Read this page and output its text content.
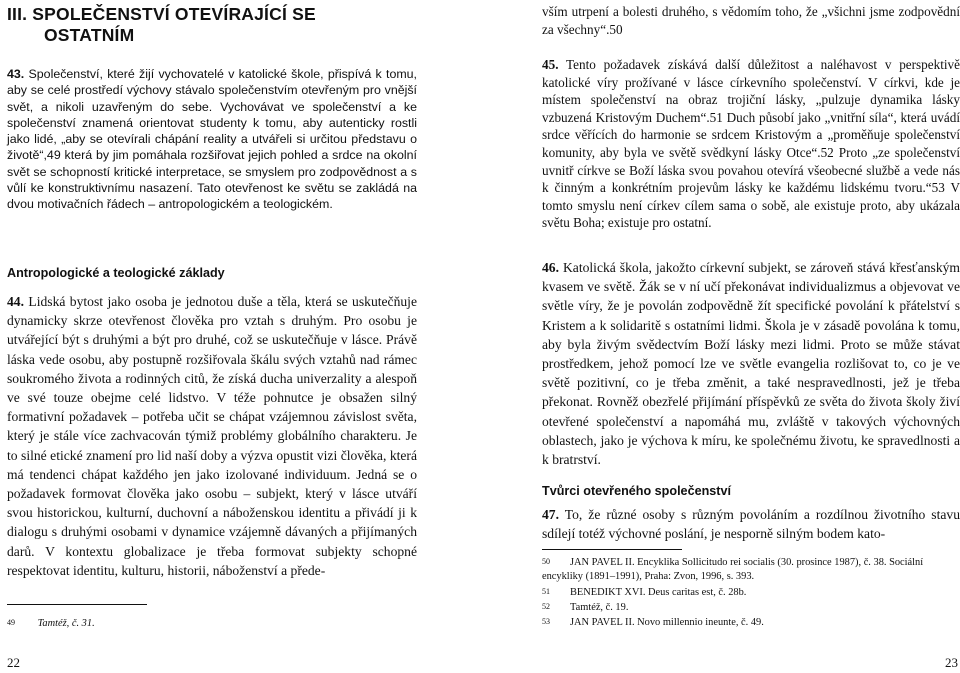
III. SPOLEČENSTVÍ OTEVÍRAJÍCÍ SE
OSTATNÍM

43. Společenství, které žijí vychovatelé v katolické škole, přispívá k tomu, aby se celé prostředí výchovy stávalo společenstvím otevřeným pro vnější svět, a nikoli uzavřeným do sebe. Vychovávat ve společenství a ke společenství znamená orientovat studenty k tomu, aby autenticky rostli jako lidé, „aby se otevírali chápání reality a utvářeli si určitou představu o životě“,49 která by jim pomáhala rozšiřovat jejich pohled a srdce na okolní svět se schopností kritické interpretace, se smyslem pro zodpovědnost a s vůlí ke konstruktivnímu nasazení. Tato otevřenost ke světu se zakládá na dvou motivačních řádech – antropologickém a teologickém.

Antropologické a teologické základy

44. Lidská bytost jako osoba je jednotou duše a těla, která se uskutečňuje dynamicky skrze otevřenost člověka pro vztah s druhým. Pro osobu je utvářející být s druhými a být pro druhé, což se uskutečňuje v lásce. Právě láska vede osobu, aby postupně rozšiřovala škálu svých vztahů nad rámec soukromého života a rodinných citů, že získá ducha univerzality a alespoň ve své touze obejme celé lidstvo. V téže pohnutce je obsažen silný formativní požadavek – potřeba učit se chápat vzájemnou závislost světa, který je stále více zachvacován týmiž problémy globálního charakteru. Je to silné etické znamení pro lid naší doby a výzva opustit vizi člověka, která má tendenci chápat každého jen jako izolované individuum. Jedná se o požadavek formovat člověka jako osobu – subjekt, který v lásce utváří svou historickou, kulturní, duchovní a náboženskou identitu a přivádí ji k dialogu s druhými osobami v dynamice vzájemně dávaných a přijímaných darů. V kontextu globalizace je třeba formovat subjekty schopné respektovat identitu, kulturu, historii, náboženství a přede-

49 Tamtéž, č. 31.

22

vším utrpení a bolesti druhého, s vědomím toho, že „všichni jsme zodpovědní za všechny“.50

45. Tento požadavek získává další důležitost a naléhavost v perspektivě katolické víry prožívané v lásce církevního společenství. V církvi, kde je místem společenství na obraz trojiční lásky, „pulzuje dynamika lásky vzbuzená Kristovým Duchem“.51 Duch působí jako „vnitřní síla“, která uvádí srdce věřících do harmonie se srdcem Kristovým a „proměňuje společenství komunity, aby byla ve světě svědkyní lásky Otce“.52 Proto „ze společenství uvnitř církve se Boží láska svou povahou otevírá všeobecné službě a vede nás k činným a konkrétním projevům lásky ke každému lidskému tvoru.“53 V tomto smyslu není církev cílem sama o sobě, ale existuje proto, aby ukázala světu Boha; existuje pro ostatní.

46. Katolická škola, jakožto církevní subjekt, se zároveň stává křesťanským kvasem ve světě. Žák se v ní učí překonávat individualizmus a objevovat ve světle víry, že je povolán zodpovědně žít specifické povolání k přátelství s Kristem a k solidaritě s ostatními lidmi. Škola je v zásadě povolána k tomu, aby byla živým svědectvím Boží lásky mezi lidmi. Proto se může stávat prostředkem, jehož pomocí lze ve světle evangelia rozlišovat to, co je ve světě pozitivní, co je třeba změnit, a také nespravedlnosti, jež je třeba překonat. Rovněž obezřelé přijímání příspěvků ze světa do života školy živí otevřené společenství a napomáhá mu, zvláště v takových výchovných oblastech, jako je výchova k míru, ke společnému životu, ke spravedlnosti a k bratrství.

Tvůrci otevřeného společenství

47. To, že různé osoby s různým povoláním a rozdílnou životního stavu sdílejí totéž výchovné poslání, je nesporně silným bodem kato-

50 JAN PAVEL II. Encyklika Sollicitudo rei socialis (30. prosince 1987), č. 38. Sociální encykliky (1891–1991), Praha: Zvon, 1996, s. 393.

51 BENEDIKT XVI. Deus caritas est, č. 28b.

52 Tamtéž, č. 19.

53 JAN PAVEL II. Novo millennio ineunte, č. 49.

23
